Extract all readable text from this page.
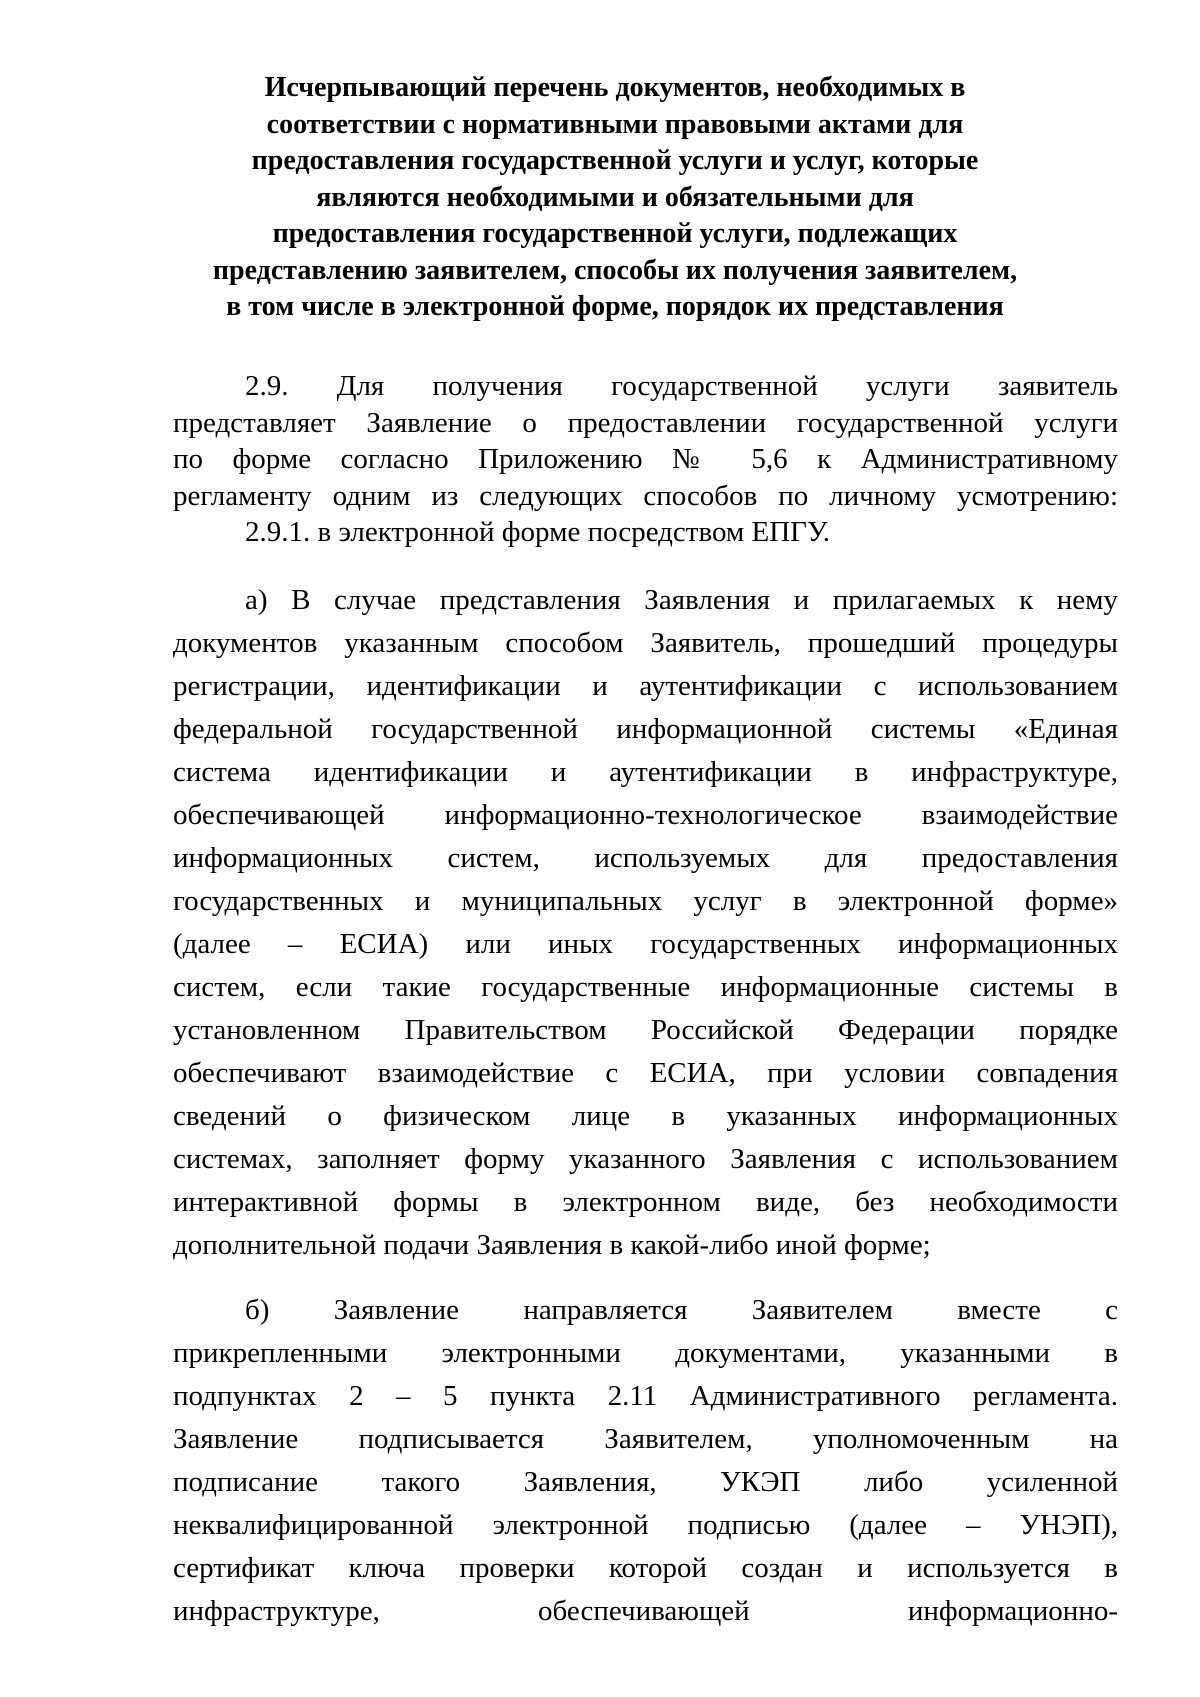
Исчерпывающий перечень документов, необходимых в
соответствии с нормативными правовыми актами для
предоставления государственной услуги и услуг, которые
являются необходимыми и обязательными для
предоставления государственной услуги, подлежащих
представлению заявителем, способы их получения заявителем,
в том числе в электронной форме, порядок их представления
2.9. Для получения государственной услуги заявитель
представляет Заявление о предоставлении государственной услуги
по форме согласно Приложению № 5,6 к Административному
регламенту одним из следующих способов по личному усмотрению:
2.9.1. в электронной форме посредством ЕПГУ.
а) В случае представления Заявления и прилагаемых к нему
документов указанным способом Заявитель, прошедший процедуры
регистрации, идентификации и аутентификации с использованием
федеральной государственной информационной системы «Единая
система идентификации и аутентификации в инфраструктуре,
обеспечивающей информационно-технологическое взаимодействие
информационных систем, используемых для предоставления
государственных и муниципальных услуг в электронной форме»
(далее – ЕСИА) или иных государственных информационных
систем, если такие государственные информационные системы в
установленном Правительством Российской Федерации порядке
обеспечивают взаимодействие с ЕСИА, при условии совпадения
сведений о физическом лице в указанных информационных
системах, заполняет форму указанного Заявления с использованием
интерактивной формы в электронном виде, без необходимости
дополнительной подачи Заявления в какой-либо иной форме;
б) Заявление направляется Заявителем вместе с
прикрепленными электронными документами, указанными в
подпунктах 2 – 5 пункта 2.11 Административного регламента.
Заявление подписывается Заявителем, уполномоченным на
подписание такого Заявления, УКЭП либо усиленной
неквалифицированной электронной подписью (далее – УНЭП),
сертификат ключа проверки которой создан и используется в
инфраструктуре, обеспечивающей информационно-
